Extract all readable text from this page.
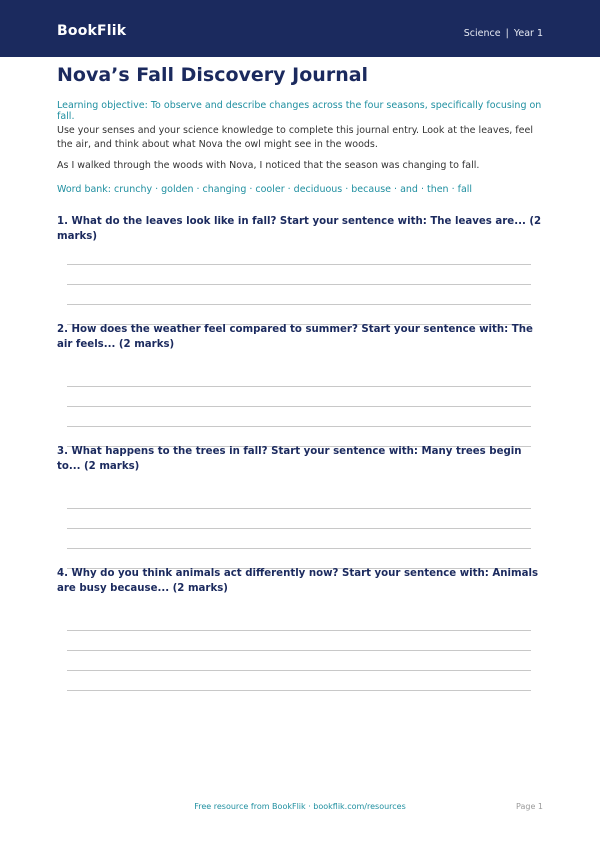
BookFlik	Science | Year 1
Nova’s Fall Discovery Journal
Learning objective: To observe and describe changes across the four seasons, specifically focusing on fall.
Use your senses and your science knowledge to complete this journal entry. Look at the leaves, feel the air, and think about what Nova the owl might see in the woods.
As I walked through the woods with Nova, I noticed that the season was changing to fall.
Word bank: crunchy · golden · changing · cooler · deciduous · because · and · then · fall
1. What do the leaves look like in fall? Start your sentence with: The leaves are... (2 marks)
2. How does the weather feel compared to summer? Start your sentence with: The air feels... (2 marks)
3. What happens to the trees in fall? Start your sentence with: Many trees begin to... (2 marks)
4. Why do you think animals act differently now? Start your sentence with: Animals are busy because... (2 marks)
Free resource from BookFlik · bookflik.com/resources	Page 1
